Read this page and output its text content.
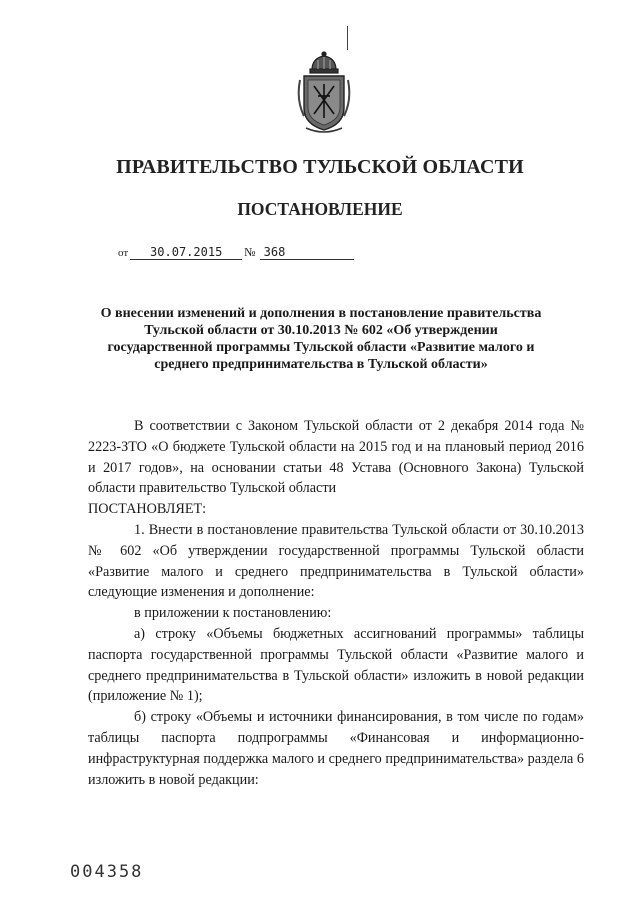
ПРАВИТЕЛЬСТВО ТУЛЬСКОЙ ОБЛАСТИ
ПОСТАНОВЛЕНИЕ
от 30.07.2015 № 368
О внесении изменений и дополнения в постановление правительства Тульской области от 30.10.2013 № 602 «Об утверждении государственной программы Тульской области «Развитие малого и среднего предпринимательства в Тульской области»

В соответствии с Законом Тульской области от 2 декабря 2014 года № 2223-ЗТО «О бюджете Тульской области на 2015 год и на плановый период 2016 и 2017 годов», на основании статьи 48 Устава (Основного Закона) Тульской области правительство Тульской области

ПОСТАНОВЛЯЕТ:

1. Внести в постановление правительства Тульской области от 30.10.2013 № 602 «Об утверждении государственной программы Тульской области «Развитие малого и среднего предпринимательства в Тульской области» следующие изменения и дополнение:

в приложении к постановлению:

а) строку «Объемы бюджетных ассигнований программы» таблицы паспорта государственной программы Тульской области «Развитие малого и среднего предпринимательства в Тульской области» изложить в новой редакции (приложение № 1);

б) строку «Объемы и источники финансирования, в том числе по годам» таблицы паспорта подпрограммы «Финансовая и информационно-инфраструктурная поддержка малого и среднего предпринимательства» раздела 6 изложить в новой редакции:

004358
